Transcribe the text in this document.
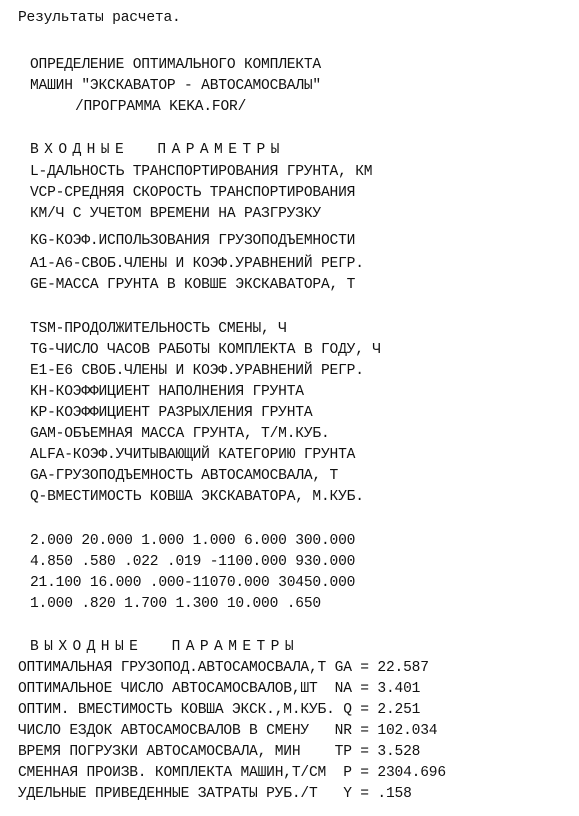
Результаты расчета.
ОПРЕДЕЛЕНИЕ ОПТИМАЛЬНОГО КОМПЛЕКТА
МАШИН "ЭКСКАВАТОР - АВТОСАМОСВАЛЫ"
/ПРОГРАММА KEKA.FOR/
ВХОДНЫЕ  ПАРАМЕТРЫ
L-ДАЛЬНОСТЬ ТРАНСПОРТИРОВАНИЯ ГРУНТА, КМ
VCP-СРЕДНЯЯ СКОРОСТЬ ТРАНСПОРТИРОВАНИЯ
КМ/Ч С УЧЕТОМ ВРЕМЕНИ НА РАЗГРУЗКУ
KG-КОЭФ.ИСПОЛЬЗОВАНИЯ ГРУЗОПОДЪЕМНОСТИ
A1-A6-СВОБ.ЧЛЕНЫ И КОЭФ.УРАВНЕНИЙ РЕГР.
GE-МАССА ГРУНТА В КОВШЕ ЭКСКАВАТОРА, Т
TSM-ПРОДОЛЖИТЕЛЬНОСТЬ СМЕНЫ, Ч
TG-ЧИСЛО ЧАСОВ РАБОТЫ КОМПЛЕКТА В ГОДУ, Ч
E1-E6 СВОБ.ЧЛЕНЫ И КОЭФ.УРАВНЕНИЙ РЕГР.
KH-КОЭФФИЦИЕНТ НАПОЛНЕНИЯ ГРУНТА
KP-КОЭФФИЦИЕНТ РАЗРЫХЛЕНИЯ ГРУНТА
GAM-ОБЪЕМНАЯ МАССА ГРУНТА, Т/М.КУБ.
ALFA-КОЭФ.УЧИТЫВАЮЩИЙ КАТЕГОРИЮ ГРУНТА
GA-ГРУЗОПОДЪЕМНОСТЬ АВТОСАМОСВАЛА, Т
Q-ВМЕСТИМОСТЬ КОВША ЭКСКАВАТОРА, М.КУБ.
2.000 20.000 1.000 1.000 6.000 300.000
4.850 .580 .022 .019 -1100.000 930.000
21.100 16.000 .000-11070.000 30450.000
1.000 .820 1.700 1.300 10.000 .650
ВЫХОДНЫЕ  ПАРАМЕТРЫ
ОПТИМАЛЬНАЯ ГРУЗОПОД.АВТОСАМОСВАЛА,Т GA = 22.587
ОПТИМАЛЬНОЕ ЧИСЛО АВТОСАМОСВАЛОВ,ШТ  NA = 3.401
ОПТИМ. ВМЕСТИМОСТЬ КОВША ЭКСК.,М.КУБ. Q = 2.251
ЧИСЛО ЕЗДОК АВТОСАМОСВАЛОВ В СМЕНУ   NR = 102.034
ВРЕМЯ ПОГРУЗКИ АВТОСАМОСВАЛА, МИН    TP = 3.528
СМЕННАЯ ПРОИЗВ. КОМПЛЕКТА МАШИН,Т/СМ  P = 2304.696
УДЕЛЬНЫЕ ПРИВЕДЕННЫЕ ЗАТРАТЫ РУБ./Т   Y = .158
